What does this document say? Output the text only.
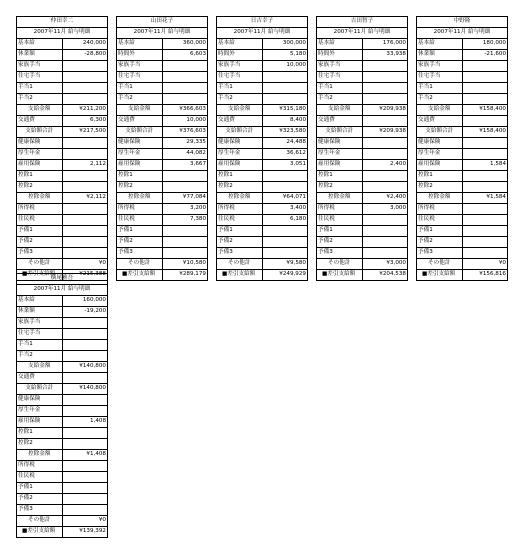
仲田幸二	
2007年11月 給与明細	
基本給	240,000
休業額	-28,800
家族手当	
住宅手当	
手当1	
手当2	
支給金額	¥211,200
交通費	6,300
支給額合計	¥217,500
健康保険	
厚生年金	
雇用保険	2,112
控除1	
控除2	
控除金額	¥2,112
所得税	
住民税	
予備1	
予備2	
予備3	
その他計	¥0
■差引支給額	¥215,388
山田花子	
2007年11月 給与明細	
基本給	360,000
時間外	6,603
家族手当	
住宅手当	
手当1	
手当2	
支給金額	¥366,603
交通費	10,000
支給額合計	¥376,603
健康保険	29,335
厚生年金	44,082
雇用保険	3,667
控除1	
控除2	
控除金額	¥77,084
所得税	3,200
住民税	7,380
予備1	
予備2	
予備3	
その他計	¥10,580
■差引支給額	¥289,179
日吉幸子	
2007年11月 給与明細	
基本給	300,000
時間外	5,180
家族手当	10,000
住宅手当	
手当1	
手当2	
支給金額	¥315,180
交通費	8,400
支給額合計	¥323,580
健康保険	24,488
厚生年金	36,612
雇用保険	3,051
控除1	
控除2	
控除金額	¥64,071
所得税	3,400
住民税	6,180
予備1	
予備2	
予備3	
その他計	¥9,580
■差引支給額	¥249,929
吉田智子	
2007年11月 給与明細	
基本給	176,000
時間外	33,938
家族手当	
住宅手当	
手当1	
手当2	
支給金額	¥209,938
交通費	
支給額合計	¥209,938
健康保険	
厚生年金	
雇用保険	2,400
控除1	
控除2	
控除金額	¥2,400
所得税	3,000
住民税	
予備1	
予備2	
予備3	
その他計	¥3,000
■差引支給額	¥204,538
中野隆	
2007年11月 給与明細	
基本給	180,000
休業額	-21,600
家族手当	
住宅手当	
手当1	
手当2	
支給金額	¥158,400
交通費	
支給額合計	¥158,400
健康保険	
厚生年金	
雇用保険	1,584
控除1	
控除2	
控除金額	¥1,584
所得税	
住民税	
予備1	
予備2	
予備3	
その他計	¥0
■差引支給額	¥156,816
横尾雅吾	
2007年11月 給与明細	
基本給	160,000
休業額	-19,200
家族手当	
住宅手当	
手当1	
手当2	
支給金額	¥140,800
交通費	
支給額合計	¥140,800
健康保険	
厚生年金	
雇用保険	1,408
控除1	
控除2	
控除金額	¥1,408
所得税	
住民税	
予備1	
予備2	
予備3	
その他計	¥0
■差引支給額	¥139,392
